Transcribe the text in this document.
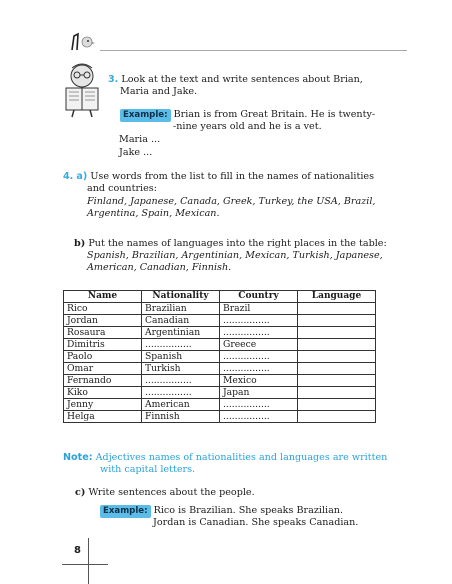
3. Look at the text and write sentences about Brian,
Maria and Jake.
Example: Brian is from Great Britain. He is twenty-
-nine years old and he is a vet.
Maria ...
Jake ...
4. a) Use words from the list to fill in the names of nationalities
and countries:
Finland, Japanese, Canada, Greek, Turkey, the USA, Brazil,
Argentina, Spain, Mexican.
b) Put the names of languages into the right places in the table:
Spanish, Brazilian, Argentinian, Mexican, Turkish, Japanese,
American, Canadian, Finnish.
Name	Nationality	Country	Language
Rico	Brazilian	Brazil	
Jordan	Canadian	................	
Rosaura	Argentinian	................	
Dimitris	................	Greece	
Paolo	Spanish	................	
Omar	Turkish	................	
Fernando	................	Mexico	
Kiko	................	Japan	
Jenny	American	................	
Helga	Finnish	................	
Note: Adjectives names of nationalities and languages are written
with capital letters.
c) Write sentences about the people.
Example: Rico is Brazilian. She speaks Brazilian.
Jordan is Canadian. She speaks Canadian.
8
